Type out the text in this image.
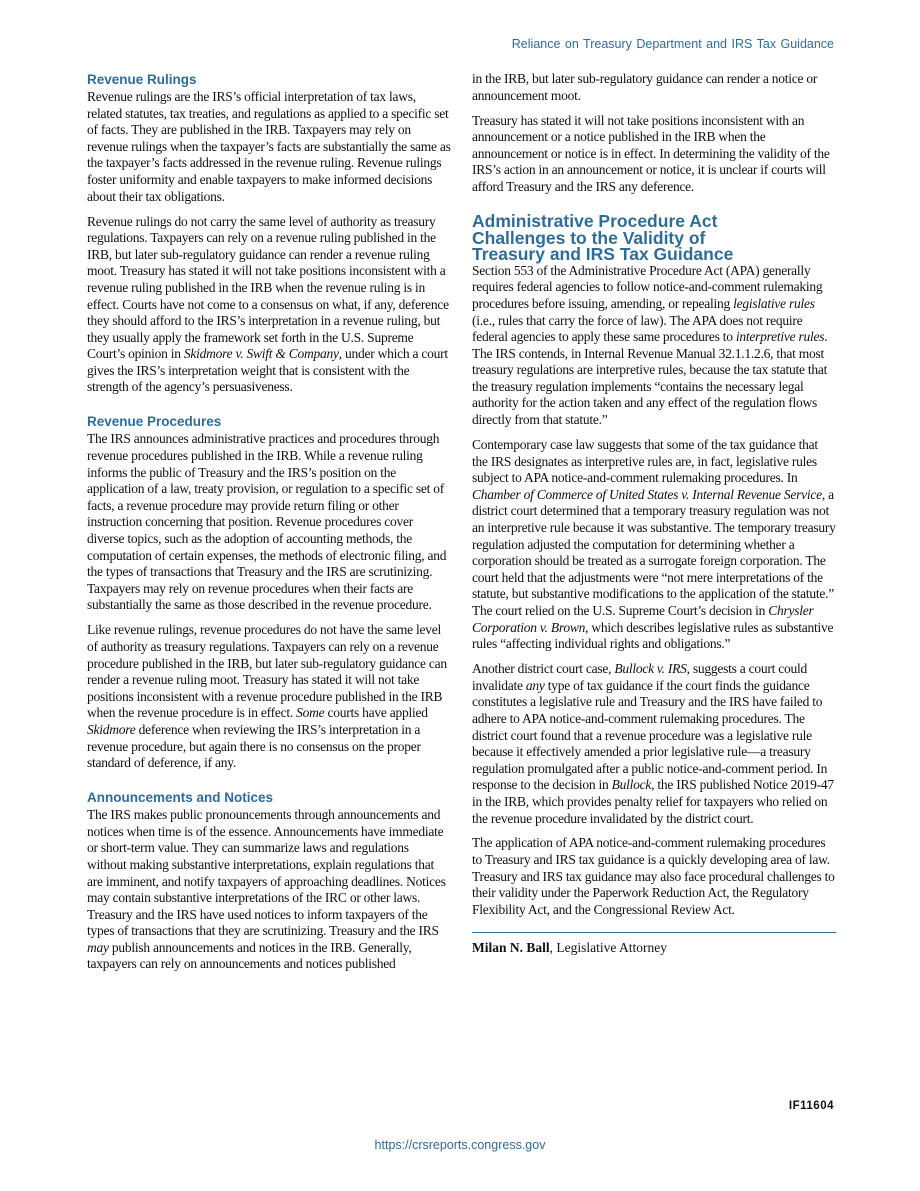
Reliance on Treasury Department and IRS Tax Guidance
Revenue Rulings

Revenue rulings are the IRS’s official interpretation of tax laws, related statutes, tax treaties, and regulations as applied to a specific set of facts. They are published in the IRB. Taxpayers may rely on revenue rulings when the taxpayer’s facts are substantially the same as the taxpayer’s facts addressed in the revenue ruling. Revenue rulings foster uniformity and enable taxpayers to make informed decisions about their tax obligations.

Revenue rulings do not carry the same level of authority as treasury regulations. Taxpayers can rely on a revenue ruling published in the IRB, but later sub-regulatory guidance can render a revenue ruling moot. Treasury has stated it will not take positions inconsistent with a revenue ruling published in the IRB when the revenue ruling is in effect. Courts have not come to a consensus on what, if any, deference they should afford to the IRS’s interpretation in a revenue ruling, but they usually apply the framework set forth in the U.S. Supreme Court’s opinion in Skidmore v. Swift & Company, under which a court gives the IRS’s interpretation weight that is consistent with the strength of the agency’s persuasiveness.

Revenue Procedures

The IRS announces administrative practices and procedures through revenue procedures published in the IRB. While a revenue ruling informs the public of Treasury and the IRS’s position on the application of a law, treaty provision, or regulation to a specific set of facts, a revenue procedure may provide return filing or other instruction concerning that position. Revenue procedures cover diverse topics, such as the adoption of accounting methods, the computation of certain expenses, the methods of electronic filing, and the types of transactions that Treasury and the IRS are scrutinizing. Taxpayers may rely on revenue procedures when their facts are substantially the same as those described in the revenue procedure.

Like revenue rulings, revenue procedures do not have the same level of authority as treasury regulations. Taxpayers can rely on a revenue procedure published in the IRB, but later sub-regulatory guidance can render a revenue ruling moot. Treasury has stated it will not take positions inconsistent with a revenue procedure published in the IRB when the revenue procedure is in effect. Some courts have applied Skidmore deference when reviewing the IRS’s interpretation in a revenue procedure, but again there is no consensus on the proper standard of deference, if any.

Announcements and Notices

The IRS makes public pronouncements through announcements and notices when time is of the essence. Announcements have immediate or short-term value. They can summarize laws and regulations without making substantive interpretations, explain regulations that are imminent, and notify taxpayers of approaching deadlines. Notices may contain substantive interpretations of the IRC or other laws. Treasury and the IRS have used notices to inform taxpayers of the types of transactions that they are scrutinizing. Treasury and the IRS may publish announcements and notices in the IRB. Generally, taxpayers can rely on announcements and notices published

in the IRB, but later sub-regulatory guidance can render a notice or announcement moot.

Treasury has stated it will not take positions inconsistent with an announcement or a notice published in the IRB when the announcement or notice is in effect. In determining the validity of the IRS’s action in an announcement or notice, it is unclear if courts will afford Treasury and the IRS any deference.

Administrative Procedure Act
Challenges to the Validity of
Treasury and IRS Tax Guidance

Section 553 of the Administrative Procedure Act (APA) generally requires federal agencies to follow notice-and-comment rulemaking procedures before issuing, amending, or repealing legislative rules (i.e., rules that carry the force of law). The APA does not require federal agencies to apply these same procedures to interpretive rules. The IRS contends, in Internal Revenue Manual 32.1.1.2.6, that most treasury regulations are interpretive rules, because the tax statute that the treasury regulation implements “contains the necessary legal authority for the action taken and any effect of the regulation flows directly from that statute.”

Contemporary case law suggests that some of the tax guidance that the IRS designates as interpretive rules are, in fact, legislative rules subject to APA notice-and-comment rulemaking procedures. In Chamber of Commerce of United States v. Internal Revenue Service, a district court determined that a temporary treasury regulation was not an interpretive rule because it was substantive. The temporary treasury regulation adjusted the computation for determining whether a corporation should be treated as a surrogate foreign corporation. The court held that the adjustments were “not mere interpretations of the statute, but substantive modifications to the application of the statute.” The court relied on the U.S. Supreme Court’s decision in Chrysler Corporation v. Brown, which describes legislative rules as substantive rules “affecting individual rights and obligations.”

Another district court case, Bullock v. IRS, suggests a court could invalidate any type of tax guidance if the court finds the guidance constitutes a legislative rule and Treasury and the IRS have failed to adhere to APA notice-and-comment rulemaking procedures. The district court found that a revenue procedure was a legislative rule because it effectively amended a prior legislative rule—a treasury regulation promulgated after a public notice-and-comment period. In response to the decision in Bullock, the IRS published Notice 2019-47 in the IRB, which provides penalty relief for taxpayers who relied on the revenue procedure invalidated by the district court.

The application of APA notice-and-comment rulemaking procedures to Treasury and IRS tax guidance is a quickly developing area of law. Treasury and IRS tax guidance may also face procedural challenges to their validity under the Paperwork Reduction Act, the Regulatory Flexibility Act, and the Congressional Review Act.

Milan N. Ball, Legislative Attorney
IF11604
https://crsreports.congress.gov
